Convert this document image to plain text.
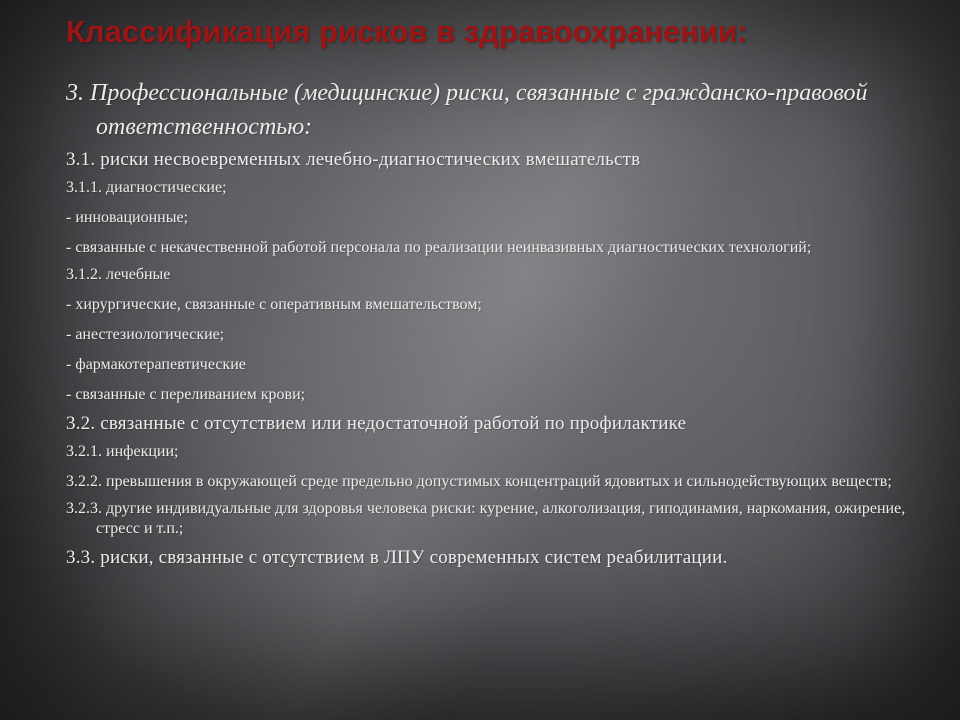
Классификация рисков в здравоохранении:

3. Профессиональные (медицинские) риски, связанные с гражданско-правовой ответственностью:

3.1. риски несвоевременных лечебно-диагностических вмешательств

3.1.1. диагностические;

- инновационные;

- связанные с некачественной работой персонала по реализации неинвазивных диагностических технологий;

3.1.2. лечебные

- хирургические, связанные с оперативным вмешательством;

- анестезиологические;

- фармакотерапевтические

- связанные с переливанием крови;

3.2. связанные с отсутствием или недостаточной работой по профилактике

3.2.1. инфекции;

3.2.2. превышения в окружающей среде предельно допустимых концентраций ядовитых и сильнодействующих веществ;

3.2.3. другие индивидуальные для здоровья человека риски: курение, алкоголизация, гиподинамия, наркомания, ожирение, стресс и т.п.;

3.3. риски, связанные с отсутствием в ЛПУ современных систем реабилитации.
